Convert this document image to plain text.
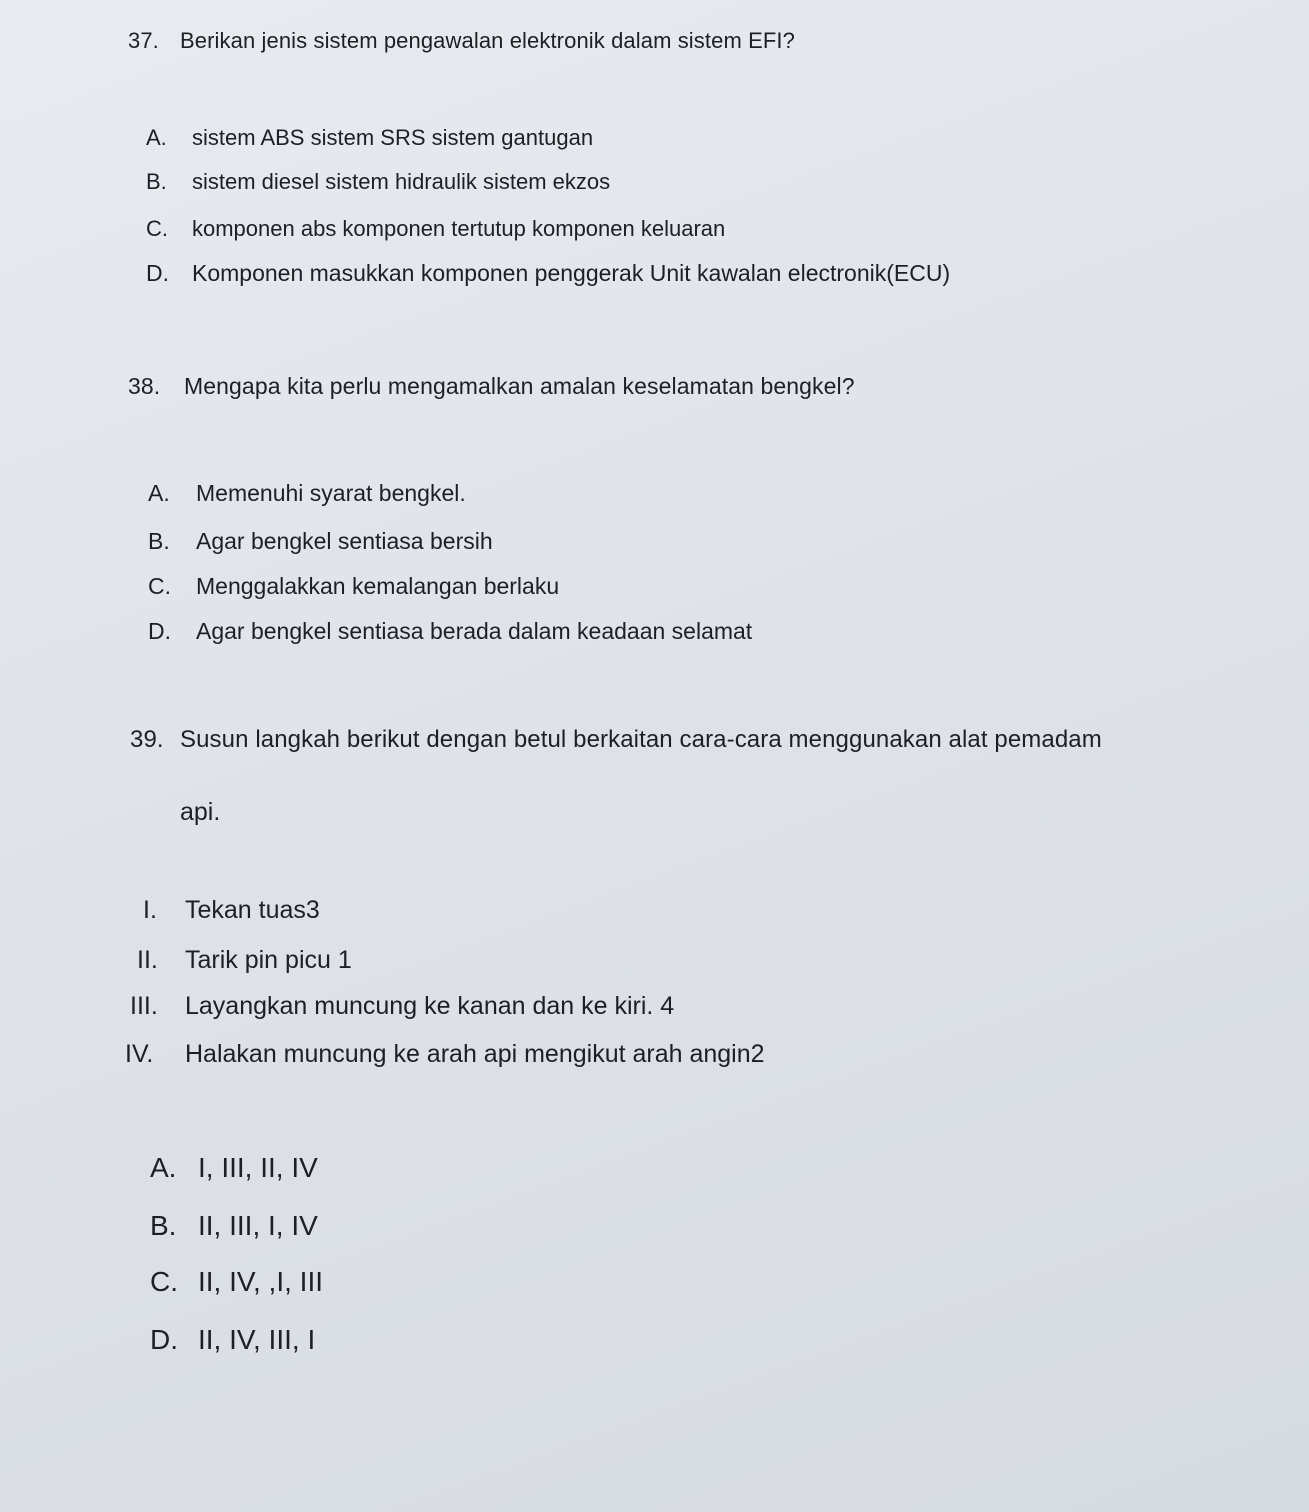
37. Berikan jenis sistem pengawalan elektronik dalam sistem EFI?
A. sistem ABS sistem SRS sistem gantugan
B. sistem diesel sistem hidraulik sistem ekzos
C. komponen abs komponen tertutup komponen keluaran
D. Komponen masukkan komponen penggerak Unit kawalan electronik(ECU)
38. Mengapa kita perlu mengamalkan amalan keselamatan bengkel?
A. Memenuhi syarat bengkel.
B. Agar bengkel sentiasa bersih
C. Menggalakkan kemalangan berlaku
D. Agar bengkel sentiasa berada dalam keadaan selamat
39. Susun langkah berikut dengan betul berkaitan cara-cara menggunakan alat pemadam
api.
I. Tekan tuas3
II. Tarik pin picu 1
III. Layangkan muncung ke kanan dan ke kiri. 4
IV. Halakan muncung ke arah api mengikut arah angin2
A. I, III, II, IV
B. II, III, I, IV
C. II, IV, ,I, III
D. II, IV, III, I
